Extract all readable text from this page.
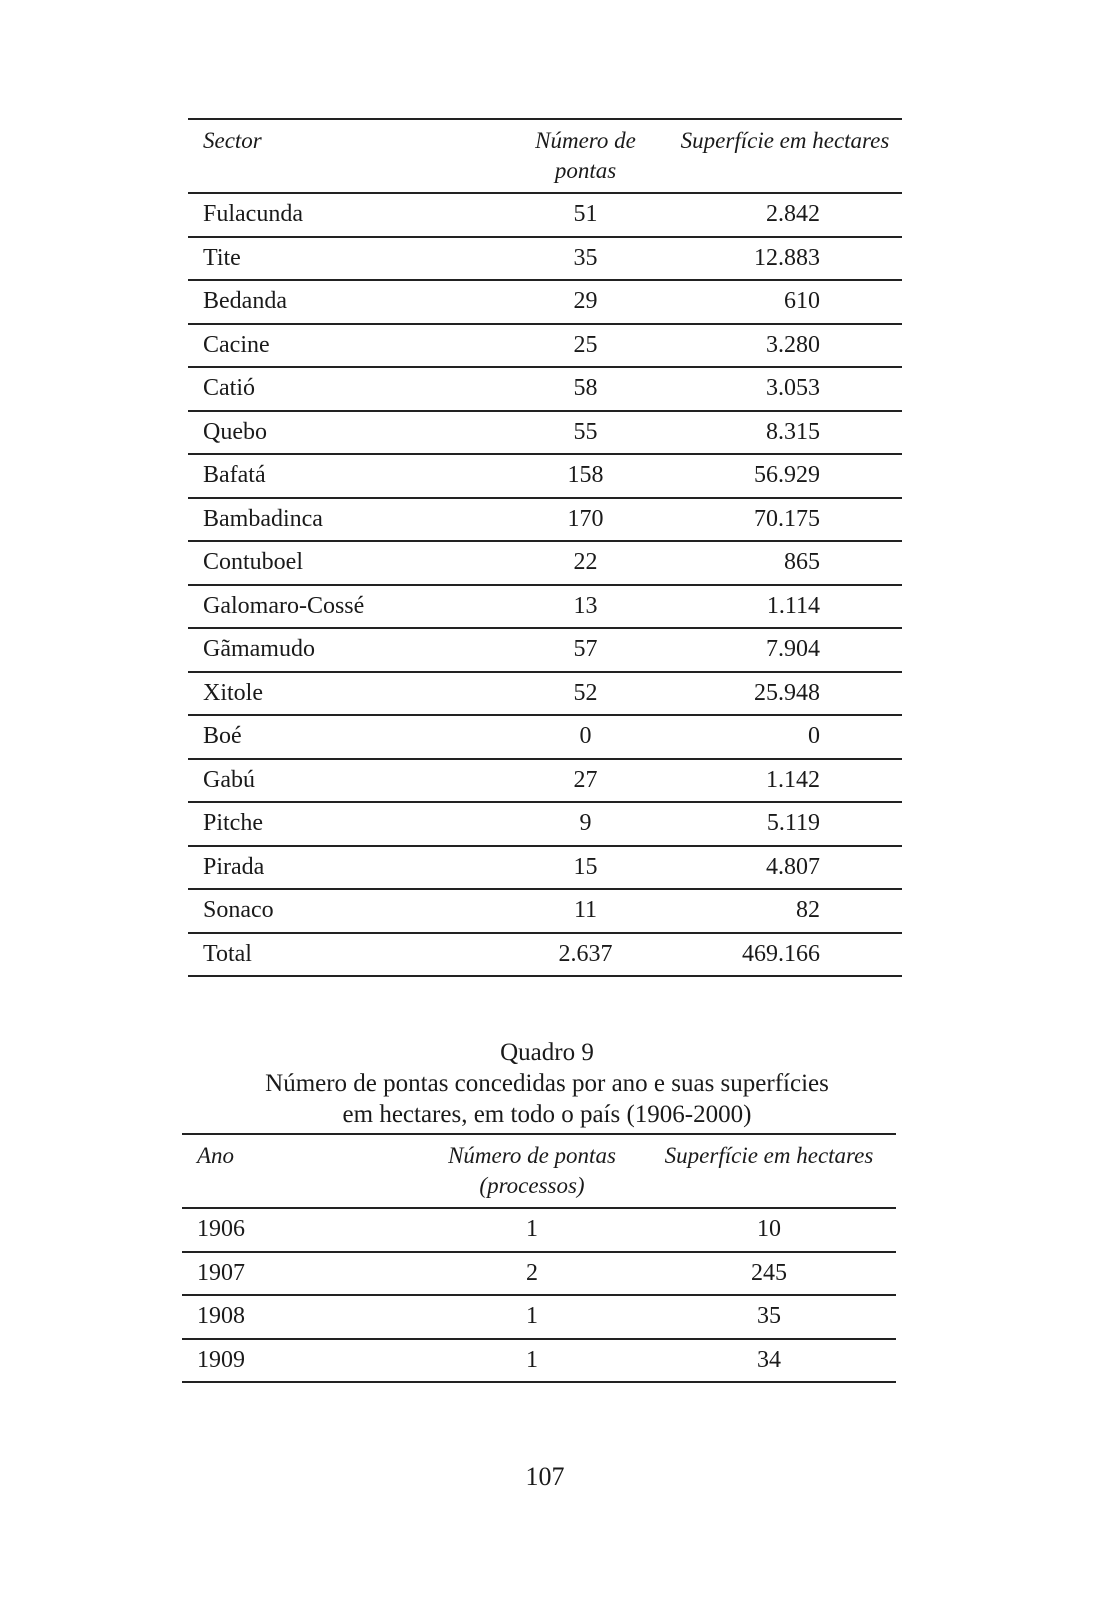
Sector	Número de pontas	Superfície em hectares
Fulacunda	51	2.842
Tite	35	12.883
Bedanda	29	610
Cacine	25	3.280
Catió	58	3.053
Quebo	55	8.315
Bafatá	158	56.929
Bambadinca	170	70.175
Contuboel	22	865
Galomaro-Cossé	13	1.114
Gãmamudo	57	7.904
Xitole	52	25.948
Boé	0	0
Gabú	27	1.142
Pitche	9	5.119
Pirada	15	4.807
Sonaco	11	82
Total	2.637	469.166
Quadro 9
Número de pontas concedidas por ano e suas superfícies
em hectares, em todo o país (1906-2000)
Ano	Número de pontas (processos)	Superfície em hectares
1906	1	10
1907	2	245
1908	1	35
1909	1	34
107
